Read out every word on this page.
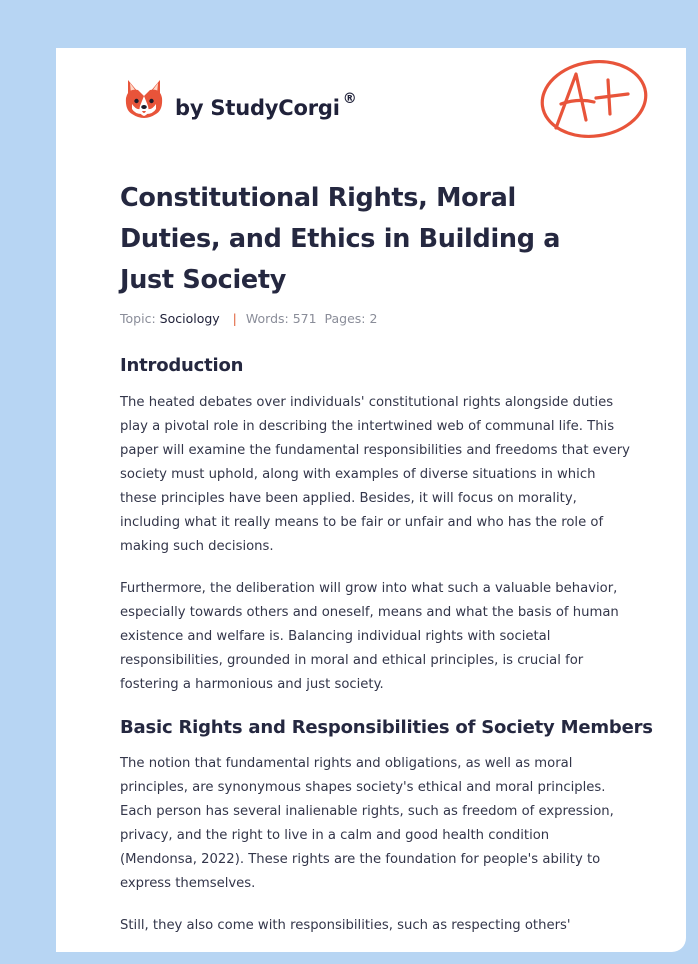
by StudyCorgi ®
Constitutional Rights, Moral Duties, and Ethics in Building a Just Society
Topic: Sociology | Words: 571 Pages: 2
Introduction

The heated debates over individuals' constitutional rights alongside duties play a pivotal role in describing the intertwined web of communal life. This paper will examine the fundamental responsibilities and freedoms that every society must uphold, along with examples of diverse situations in which these principles have been applied. Besides, it will focus on morality, including what it really means to be fair or unfair and who has the role of making such decisions.

Furthermore, the deliberation will grow into what such a valuable behavior, especially towards others and oneself, means and what the basis of human existence and welfare is. Balancing individual rights with societal responsibilities, grounded in moral and ethical principles, is crucial for fostering a harmonious and just society.

Basic Rights and Responsibilities of Society Members

The notion that fundamental rights and obligations, as well as moral principles, are synonymous shapes society's ethical and moral principles. Each person has several inalienable rights, such as freedom of expression, privacy, and the right to live in a calm and good health condition (Mendonsa, 2022). These rights are the foundation for people's ability to express themselves.

Still, they also come with responsibilities, such as respecting others'
